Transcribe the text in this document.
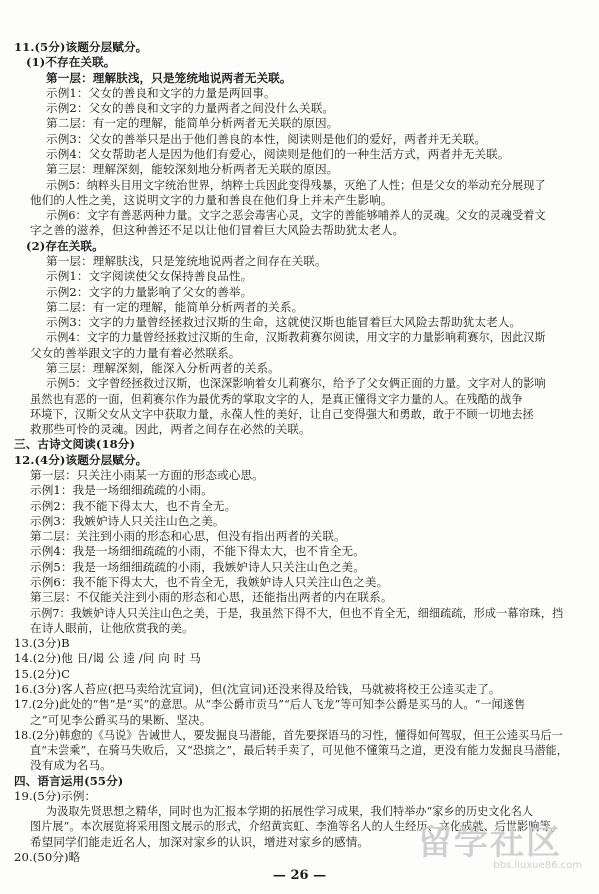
11.(5分)该题分层赋分。
(1)不存在关联。
第一层：理解肤浅，只是笼统地说两者无关联。
示例1：父女的善良和文字的力量是两回事。
示例2：父女的善良和文字的力量两者之间没什么关联。
第二层：有一定的理解，能简单分析两者无关联的原因。
示例3：父女的善举只是出于他们善良的本性，阅读则是他们的爱好，两者并无关联。
示例4：父女帮助老人是因为他们有爱心，阅读则是他们的一种生活方式，两者并无关联。
第三层：理解深刻，能较深刻地分析两者无关联的原因。
示例5：纳粹头目用文字统治世界，纳粹士兵因此变得残暴，灭绝了人性；但是父女的举动充分展现了
他们的人性之美，这说明文字的力量和善良在他们身上并未产生影响。
示例6：文字有善恶两种力量。文字之恶会毒害心灵，文字的善能够哺养人的灵魂。父女的灵魂受着文
字之善的滋养，但这种善还不足以让他们冒着巨大风险去帮助犹太老人。
(2)存在关联。
第一层：理解肤浅，只是笼统地说两者之间存在关联。
示例1：文字阅读使父女保持善良品性。
示例2：文字的力量影响了父女的善举。
第二层：有一定的理解，能简单分析两者的关系。
示例3：文字的力量曾经拯救过汉斯的生命，这就使汉斯也能冒着巨大风险去帮助犹太老人。
示例4：文字的力量曾经拯救过汉斯的生命，汉斯教莉赛尔阅读，用文字的力量影响莉赛尔，因此汉斯
父女的善举跟文字的力量有着必然联系。
第三层：理解深刻，能深入分析两者的关系。
示例5：文字曾经拯救过汉斯，也深深影响着女儿莉赛尔，给予了父女俩正面的力量。文字对人的影响
虽然也有恶的一面，但莉赛尔作为最优秀的掌取文字的人，是真正懂得文字力量的人。在残酷的战争
环境下，汉斯父女从文字中获取力量，永葆人性的美好，让自己变得强大和勇敢，敢于不顾一切地去拯
救那些可怜的灵魂。因此，两者之间存在必然的关联。
三、古诗文阅读(18分)
12.(4分)该题分层赋分。
第一层：只关注小雨某一方面的形态或心思。
示例1：我是一场细细疏疏的小雨。
示例2：我不能下得太大，也不肯全无。
示例3：我嫉妒诗人只关注山色之美。
第二层：关注到小雨的形态和心思，但没有指出两者的关联。
示例4：我是一场细细疏疏的小雨，不能下得太大，也不肯全无。
示例5：我是一场细细疏疏的小雨，我嫉妒诗人只关注山色之美。
示例6：我不能下得太大，也不肯全无，我嫉妒诗人只关注山色之美。
第三层：不仅能关注到小雨的形态和心思，还能指出两者的内在联系。
示例7：我嫉妒诗人只关注山色之美，于是，我虽然下得不大，但也不肯全无，细细疏疏，形成一幕帘珠，挡
在诗人眼前，让他欣赏我的美。
13.(3分)B
14.(2分)他 日/谒 公 逵 /问 向 时 马
15.(2分)C
16.(3分)客人苔应(把马卖给沈宣词)，但(沈宣词)还没来得及给钱，马就被将校王公逵买走了。
17.(2分)此处的“售”是“买”的意思。从“李公爵市贡马”“后人飞龙”等可知李公爵是买马的人。“一闻遂售
之”可见李公爵买马的果断、坚决。
18.(2分)韩愈的《马说》告诫世人，要发掘良马潜能，首先要探语马的习性，懂得如何驾驭，但王公逵买马后一
直“未尝乘”，在骑马失败后，又“恐摈之”，最后转手卖了，可见他不懂策马之道，更没有能力发掘良马潜能，
没有成为名马。
四、语言运用(55分)
19.(5分)示例：
为汲取先贤思想之精华，同时也为汇报本学期的拓展性学习成果，我们特举办“家乡的历史文化名人
图片展”。本次展览将采用图文展示的形式，介绍黄宾虹、李渔等名人的人生经历、文化成就、后世影响等。
希望同学们能走近名人，加深对家乡的认识，增进对家乡的感情。
20.(50分)略
— 26 —
留学社区
bbs.liuxue86.com
